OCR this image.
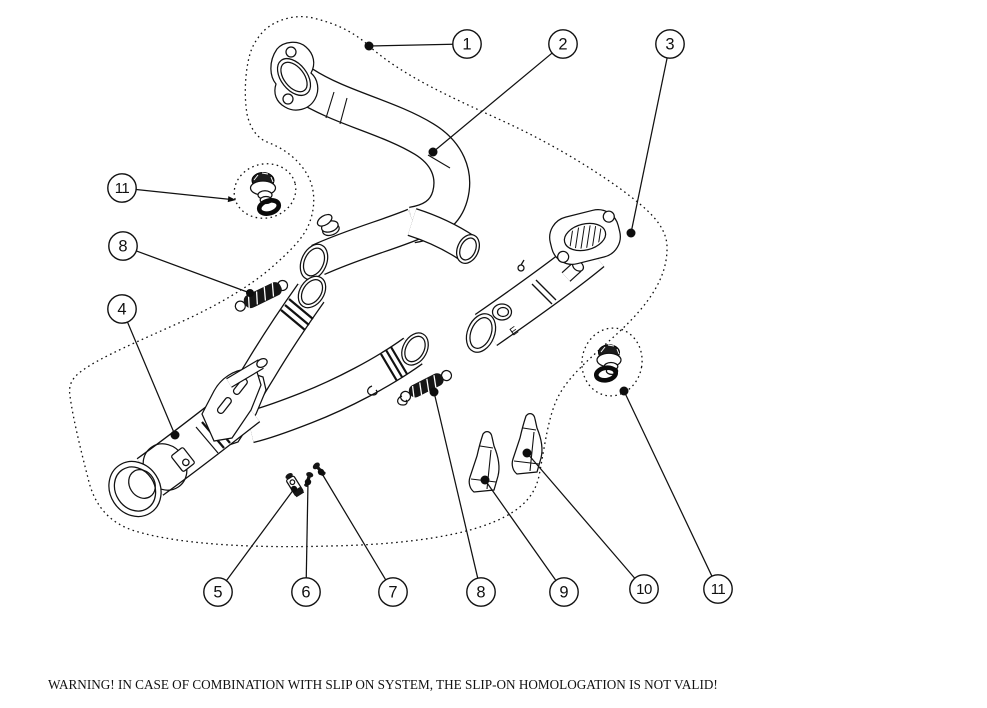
E
1	2	3
11
8
4
5	6	7	8	9	10	11
WARNING! IN CASE OF COMBINATION WITH SLIP ON SYSTEM, THE SLIP-ON HOMOLOGATION IS NOT VALID!
